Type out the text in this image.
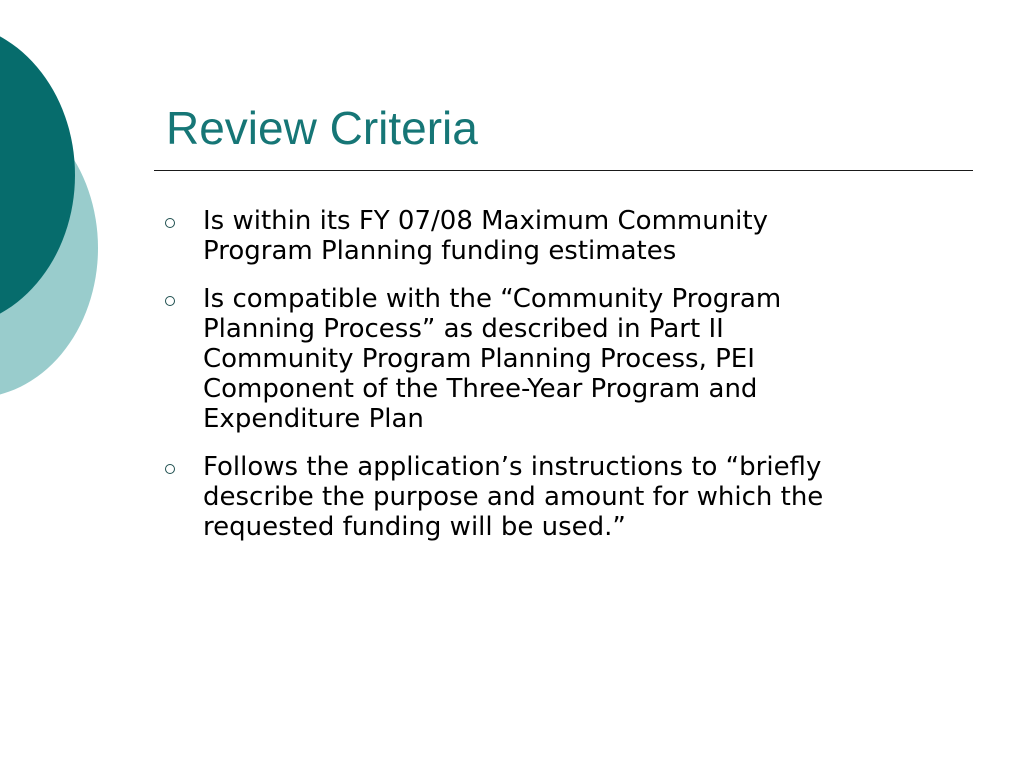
Review Criteria
Is within its FY 07/08 Maximum Community
Program Planning funding estimates
Is compatible with the “Community Program
Planning Process” as described in Part II
Community Program Planning Process, PEI
Component of the Three-Year Program and
Expenditure Plan
Follows the application’s instructions to “briefly
describe the purpose and amount for which the
requested funding will be used.”
